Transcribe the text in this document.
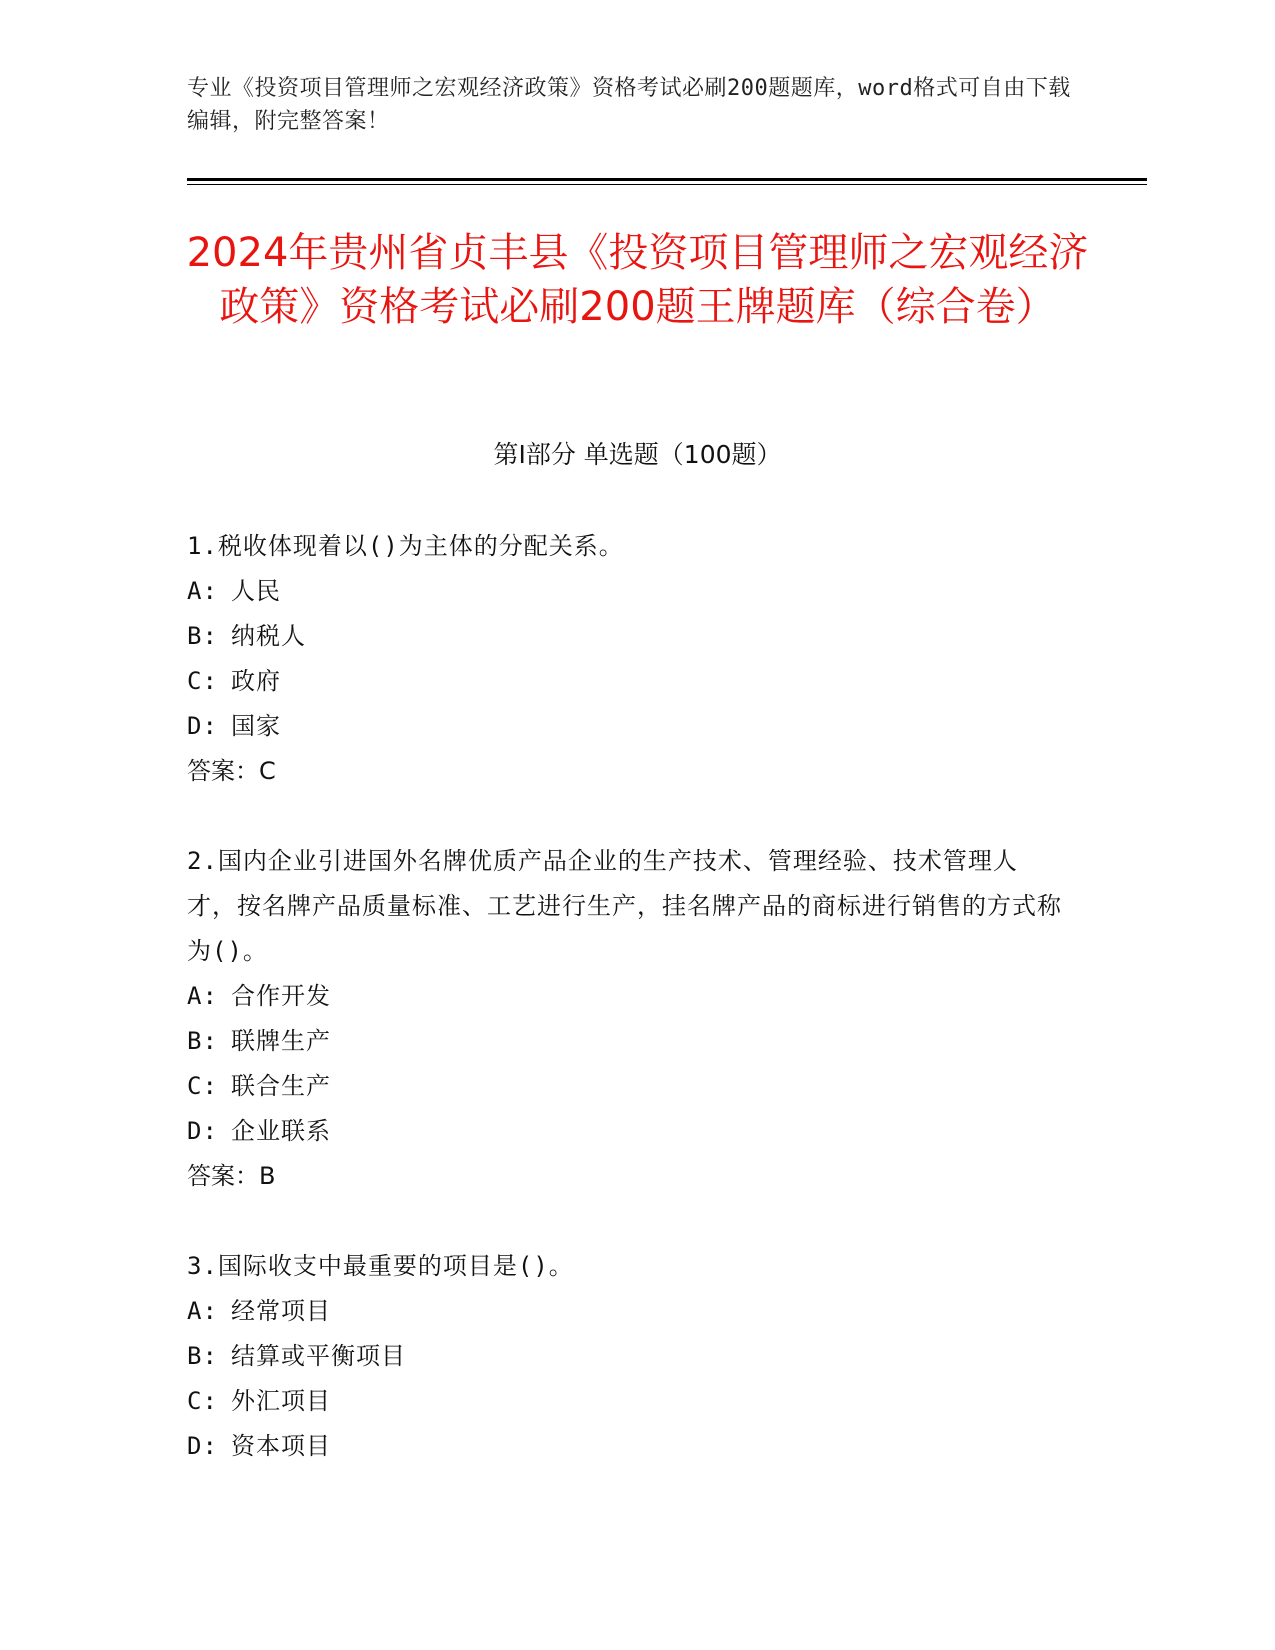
专业《投资项目管理师之宏观经济政策》资格考试必刷200题题库，word格式可自由下载编辑，附完整答案！
2024年贵州省贞丰县《投资项目管理师之宏观经济政策》资格考试必刷200题王牌题库（综合卷）
第I部分 单选题（100题）
1.税收体现着以()为主体的分配关系。
A: 人民
B: 纳税人
C: 政府
D: 国家
答案：C
2.国内企业引进国外名牌优质产品企业的生产技术、管理经验、技术管理人才，按名牌产品质量标准、工艺进行生产，挂名牌产品的商标进行销售的方式称为()。
A: 合作开发
B: 联牌生产
C: 联合生产
D: 企业联系
答案：B
3.国际收支中最重要的项目是()。
A: 经常项目
B: 结算或平衡项目
C: 外汇项目
D: 资本项目
